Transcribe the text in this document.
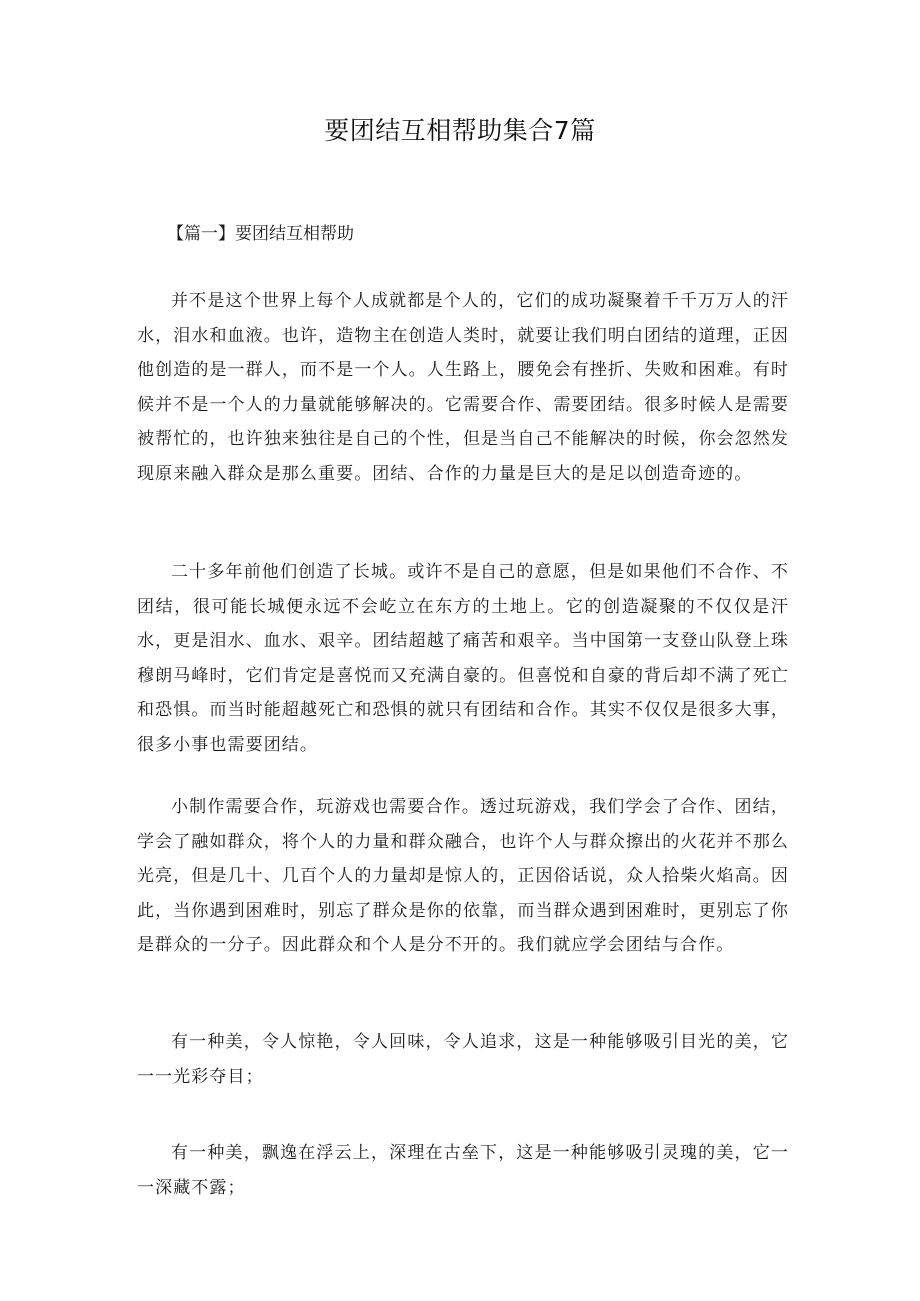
要团结互相帮助集合7篇
【篇一】要团结互相帮助

并不是这个世界上每个人成就都是个人的，它们的成功凝聚着千千万万人的汗水，泪水和血液。也许，造物主在创造人类时，就要让我们明白团结的道理，正因他创造的是一群人，而不是一个人。人生路上，腰免会有挫折、失败和困难。有时候并不是一个人的力量就能够解决的。它需要合作、需要团结。很多时候人是需要被帮忙的，也许独来独往是自己的个性，但是当自己不能解决的时候，你会忽然发现原来融入群众是那么重要。团结、合作的力量是巨大的是足以创造奇迹的。

二十多年前他们创造了长城。或许不是自己的意愿，但是如果他们不合作、不团结，很可能长城便永远不会屹立在东方的土地上。它的创造凝聚的不仅仅是汗水，更是泪水、血水、艰辛。团结超越了痛苦和艰辛。当中国第一支登山队登上珠穆朗马峰时，它们肯定是喜悦而又充满自豪的。但喜悦和自豪的背后却不满了死亡和恐惧。而当时能超越死亡和恐惧的就只有团结和合作。其实不仅仅是很多大事，很多小事也需要团结。

小制作需要合作，玩游戏也需要合作。透过玩游戏，我们学会了合作、团结，学会了融如群众，将个人的力量和群众融合，也许个人与群众擦出的火花并不那么光亮，但是几十、几百个人的力量却是惊人的，正因俗话说，众人拾柴火焰高。因此，当你遇到困难时，别忘了群众是你的依靠，而当群众遇到困难时，更别忘了你是群众的一分子。因此群众和个人是分不开的。我们就应学会团结与合作。

有一种美，令人惊艳，令人回味，令人追求，这是一种能够吸引目光的美，它一一光彩夺目；

有一种美，飘逸在浮云上，深理在古垒下，这是一种能够吸引灵瑰的美，它一一深藏不露；
